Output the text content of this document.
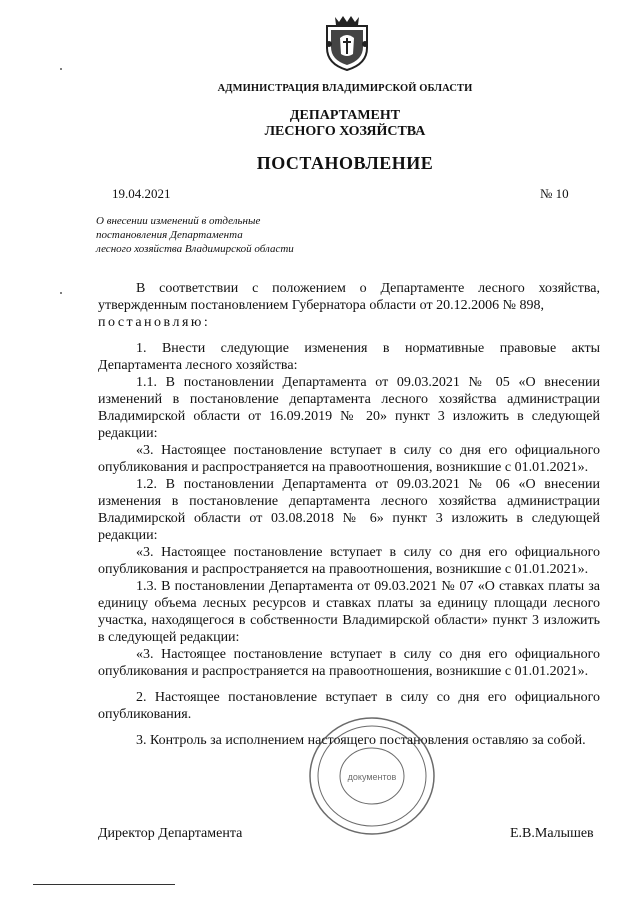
АДМИНИСТРАЦИЯ ВЛАДИМИРСКОЙ ОБЛАСТИ
ДЕПАРТАМЕНТ
ЛЕСНОГО ХОЗЯЙСТВА
ПОСТАНОВЛЕНИЕ
19.04.2021	№ 10
О внесении изменений в отдельные
постановления Департамента
лесного хозяйства Владимирской области

В соответствии с положением о Департаменте лесного хозяйства, утвержденным постановлением Губернатора области от 20.12.2006 № 898,
постановляю:

1. Внести следующие изменения в нормативные правовые акты Департамента лесного хозяйства:

1.1. В постановлении Департамента от 09.03.2021 № 05 «О внесении изменений в постановление департамента лесного хозяйства администрации Владимирской области от 16.09.2019 № 20» пункт 3 изложить в следующей редакции:

«3. Настоящее постановление вступает в силу со дня его официального опубликования и распространяется на правоотношения, возникшие с 01.01.2021».

1.2. В постановлении Департамента от 09.03.2021 № 06 «О внесении изменения в постановление департамента лесного хозяйства администрации Владимирской области от 03.08.2018 № 6» пункт 3 изложить в следующей редакции:

«3. Настоящее постановление вступает в силу со дня его официального опубликования и распространяется на правоотношения, возникшие с 01.01.2021».

1.3. В постановлении Департамента от 09.03.2021 № 07 «О ставках платы за единицу объема лесных ресурсов и ставках платы за единицу площади лесного участка, находящегося в собственности Владимирской области» пункт 3 изложить в следующей редакции:

«3. Настоящее постановление вступает в силу со дня его официального опубликования и распространяется на правоотношения, возникшие с 01.01.2021».

2. Настоящее постановление вступает в силу со дня его официального опубликования.

3. Контроль за исполнением настоящего постановления оставляю за собой.

документов
Директор Департамента	Е.В.Малышев
